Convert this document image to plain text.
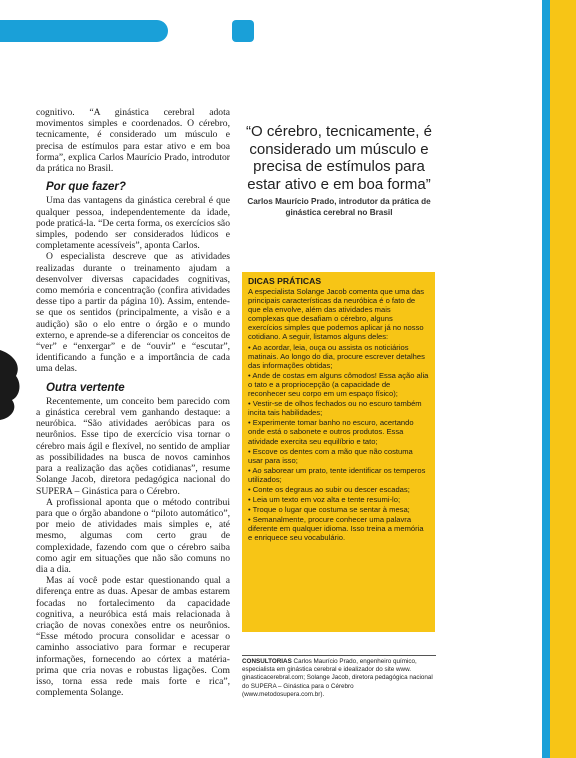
cognitivo. “A ginástica cerebral adota movimentos simples e coordenados. O cérebro, tecnicamente, é considerado um músculo e precisa de estímulos para estar ativo e em boa forma”, explica Carlos Maurício Prado, introdutor da prática no Brasil.

Por que fazer?

Uma das vantagens da ginástica cerebral é que qualquer pessoa, independentemente da idade, pode praticá-la. “De certa forma, os exercícios são simples, podendo ser considerados lúdicos e completamente acessíveis”, aponta Carlos.

O especialista descreve que as atividades realizadas durante o treinamento ajudam a desenvolver diversas capacidades cognitivas, como memória e concentração (confira atividades desse tipo a partir da página 10). Assim, entende-se que os sentidos (principalmente, a visão e a audição) são o elo entre o órgão e o mundo externo, e aprende-se a diferenciar os conceitos de “ver” e “enxergar” e de “ouvir” e “escutar”, identificando a função e a importância de cada uma delas.

Outra vertente

Recentemente, um conceito bem parecido com a ginástica cerebral vem ganhando destaque: a neuróbica. “São atividades aeróbicas para os neurônios. Esse tipo de exercício visa tornar o cérebro mais ágil e flexível, no sentido de ampliar as possibilidades na busca de novos caminhos para a realização das ações cotidianas”, resume Solange Jacob, diretora pedagógica nacional do SUPERA – Ginástica para o Cérebro.

A profissional aponta que o método contribui para que o órgão abandone o “piloto automático”, por meio de atividades mais simples e, até mesmo, algumas com certo grau de complexidade, fazendo com que o cérebro saiba como agir em situações que não são comuns no dia a dia.

Mas aí você pode estar questionando qual a diferença entre as duas. Apesar de ambas estarem focadas no fortalecimento da capacidade cognitiva, a neuróbica está mais relacionada à criação de novas conexões entre os neurônios. “Esse método procura consolidar e acessar o caminho associativo para formar e recuperar informações, fornecendo ao córtex a matéria-prima que cria novas e robustas ligações. Com isso, torna essa rede mais forte e rica”, complementa Solange.

“O cérebro, tecnicamente, é considerado um músculo e precisa de estímulos para estar ativo e em boa forma”
Carlos Maurício Prado, introdutor da prática de ginástica cerebral no Brasil
DICAS PRÁTICAS

A especialista Solange Jacob comenta que uma das principais características da neuróbica é o fato de que ela envolve, além das atividades mais complexas que desafiam o cérebro, alguns exercícios simples que podemos aplicar já no nosso cotidiano. A seguir, listamos alguns deles:

• Ao acordar, leia, ouça ou assista os noticiários matinais. Ao longo do dia, procure escrever detalhes das informações obtidas;

• Ande de costas em alguns cômodos! Essa ação alia o tato e a propriocepção (a capacidade de reconhecer seu corpo em um espaço físico);

• Vestir-se de olhos fechados ou no escuro também incita tais habilidades;

• Experimente tomar banho no escuro, acertando onde está o sabonete e outros produtos. Essa atividade exercita seu equilíbrio e tato;

• Escove os dentes com a mão que não costuma usar para isso;

• Ao saborear um prato, tente identificar os temperos utilizados;

• Conte os degraus ao subir ou descer escadas;

• Leia um texto em voz alta e tente resumi-lo;

• Troque o lugar que costuma se sentar à mesa;

• Semanalmente, procure conhecer uma palavra diferente em qualquer idioma. Isso treina a memória e enriquece seu vocabulário.

CONSULTORIAS Carlos Maurício Prado, engenheiro químico, especialista em ginástica cerebral e idealizador do site www. ginasticacerebral.com; Solange Jacob, diretora pedagógica nacional do SUPERA – Ginástica para o Cérebro (www.metodosupera.com.br).
